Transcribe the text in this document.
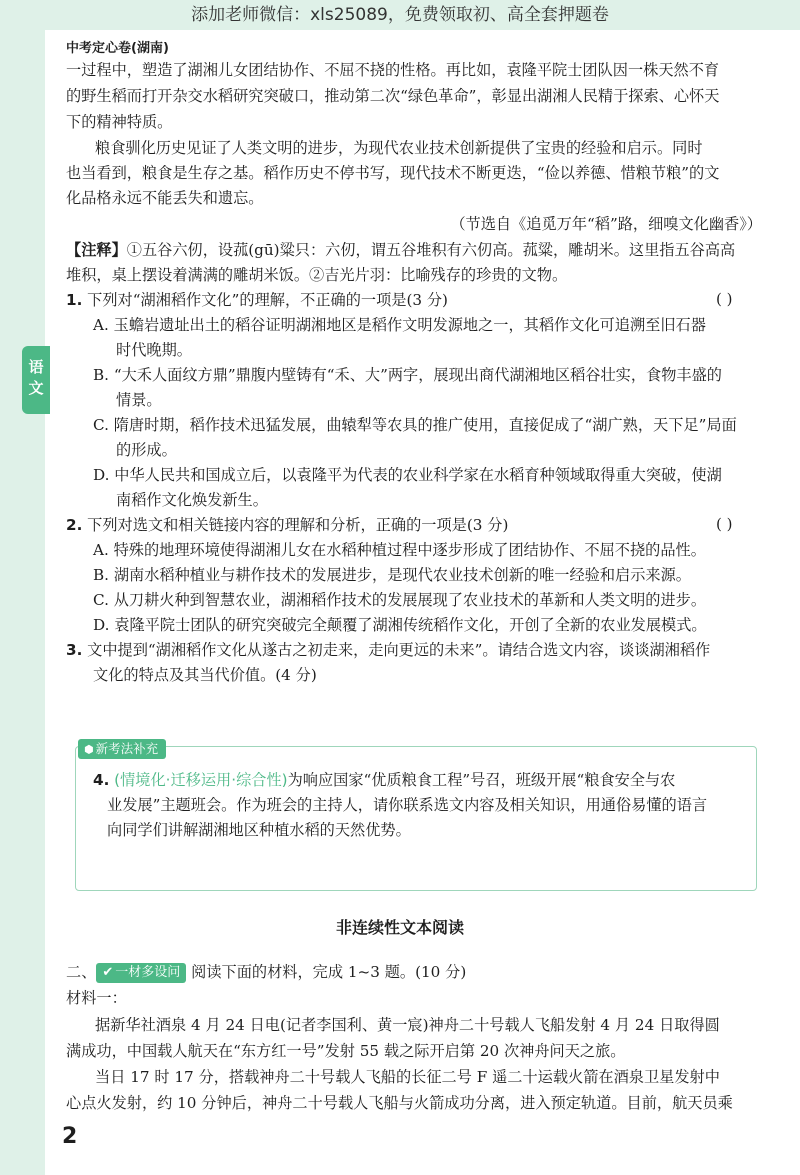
添加老师微信：xls25089，免费领取初、高全套押题卷
语文
中考定心卷(湖南)
一过程中，塑造了湖湘儿女团结协作、不屈不挠的性格。再比如，袁隆平院士团队因一株天然不育
的野生稻而打开杂交水稻研究突破口，推动第二次“绿色革命”，彰显出湖湘人民精于探索、心怀天
下的精神特质。
粮食驯化历史见证了人类文明的进步，为现代农业技术创新提供了宝贵的经验和启示。同时
也当看到，粮食是生存之基。稻作历史不停书写，现代技术不断更迭，“俭以养德、惜粮节粮”的文
化品格永远不能丢失和遗忘。
（节选自《追觅万年“稻”路，细嗅文化幽香》）
【注释】①五谷六仞，设菰(gū)粱只：六仞，谓五谷堆积有六仞高。菰粱，雕胡米。这里指五谷高高
堆积，桌上摆设着满满的雕胡米饭。②吉光片羽：比喻残存的珍贵的文物。
1. 下列对“湖湘稻作文化”的理解，不正确的一项是(3 分)	( )
A. 玉蟾岩遗址出土的稻谷证明湖湘地区是稻作文明发源地之一，其稻作文化可追溯至旧石器
时代晚期。
B. “大禾人面纹方鼎”鼎腹内壁铸有“禾、大”两字，展现出商代湖湘地区稻谷壮实，食物丰盛的
情景。
C. 隋唐时期，稻作技术迅猛发展，曲辕犁等农具的推广使用，直接促成了“湖广熟，天下足”局面
的形成。
D. 中华人民共和国成立后，以袁隆平为代表的农业科学家在水稻育种领域取得重大突破，使湖
南稻作文化焕发新生。
2. 下列对选文和相关链接内容的理解和分析，正确的一项是(3 分)	( )
A. 特殊的地理环境使得湖湘儿女在水稻种植过程中逐步形成了团结协作、不屈不挠的品性。
B. 湖南水稻种植业与耕作技术的发展进步，是现代农业技术创新的唯一经验和启示来源。
C. 从刀耕火种到智慧农业，湖湘稻作技术的发展展现了农业技术的革新和人类文明的进步。
D. 袁隆平院士团队的研究突破完全颠覆了湖湘传统稻作文化，开创了全新的农业发展模式。
3. 文中提到“湖湘稻作文化从遂古之初走来，走向更远的未来”。请结合选文内容，谈谈湖湘稻作
文化的特点及其当代价值。(4 分)
⬢ 新考法补充
4. (情境化·迁移运用·综合性)为响应国家“优质粮食工程”号召，班级开展“粮食安全与农
业发展”主题班会。作为班会的主持人，请你联系选文内容及相关知识，用通俗易懂的语言
向同学们讲解湖湘地区种植水稻的天然优势。
非连续性文本阅读
二、 ✔ 一材多设问 阅读下面的材料，完成 1~3 题。(10 分)
材料一：
据新华社酒泉 4 月 24 日电(记者李国利、黄一宸)神舟二十号载人飞船发射 4 月 24 日取得圆
满成功，中国载人航天在“东方红一号”发射 55 载之际开启第 20 次神舟问天之旅。
当日 17 时 17 分，搭载神舟二十号载人飞船的长征二号 F 遥二十运载火箭在酒泉卫星发射中
心点火发射，约 10 分钟后，神舟二十号载人飞船与火箭成功分离，进入预定轨道。目前，航天员乘
2
